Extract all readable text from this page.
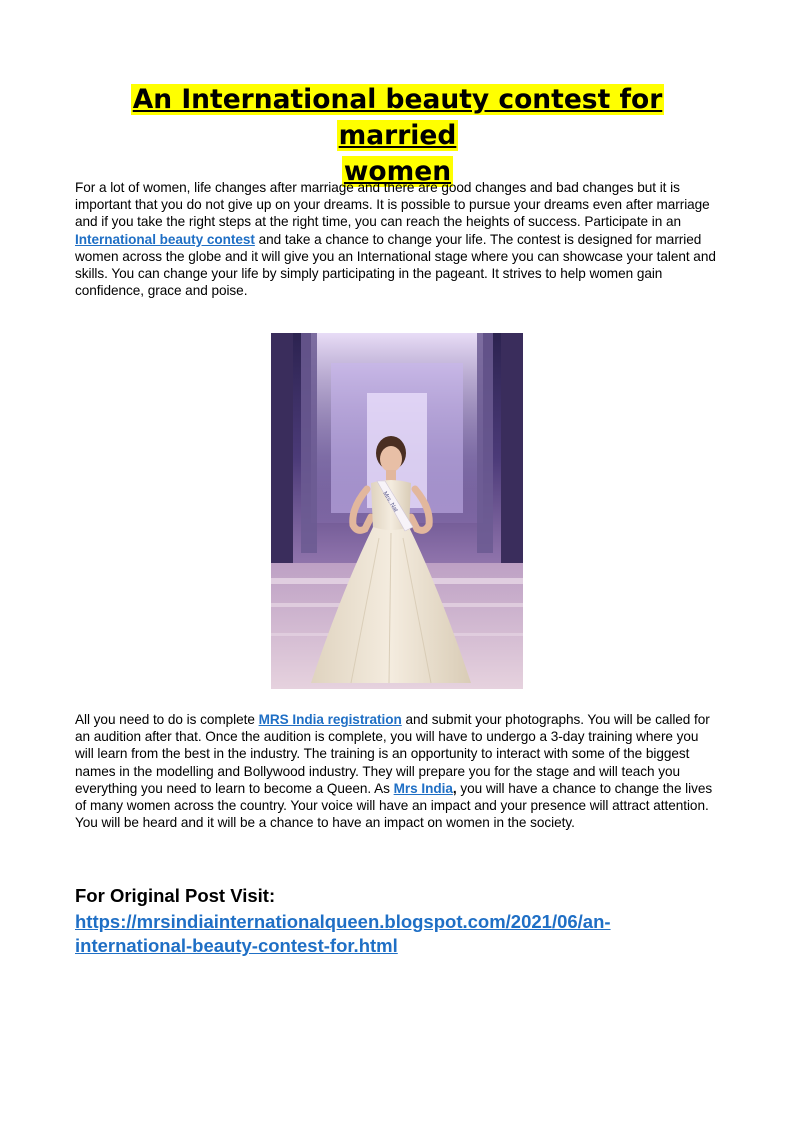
An International beauty contest for married
women

For a lot of women, life changes after marriage and there are good changes and bad changes but it is important that you do not give up on your dreams. It is possible to pursue your dreams even after marriage and if you take the right steps at the right time, you can reach the heights of success. Participate in an International beauty contest and take a chance to change your life. The contest is designed for married women across the globe and it will give you an International stage where you can showcase your talent and skills. You can change your life by simply participating in the pageant. It strives to help women gain confidence, grace and poise.

Mrs. Nat

All you need to do is complete MRS India registration and submit your photographs. You will be called for an audition after that. Once the audition is complete, you will have to undergo a 3-day training where you will learn from the best in the industry. The training is an opportunity to interact with some of the biggest names in the modelling and Bollywood industry. They will prepare you for the stage and will teach you everything you need to learn to become a Queen. As Mrs India, you will have a chance to change the lives of many women across the country. Your voice will have an impact and your presence will attract attention. You will be heard and it will be a chance to have an impact on women in the society.

For Original Post Visit:
https://mrsindiainternationalqueen.blogspot.com/2021/06/an-
international-beauty-contest-for.html
